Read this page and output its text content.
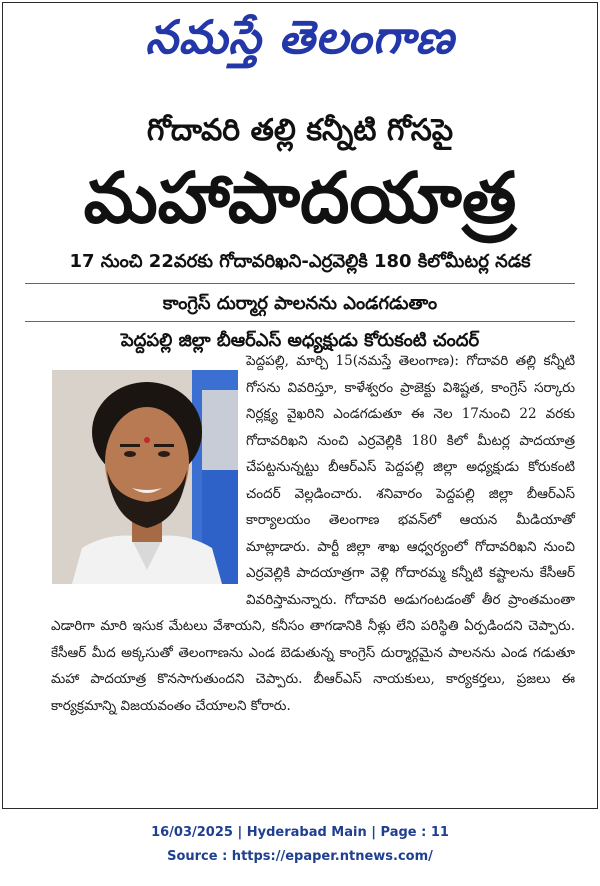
నమస్తే తెలంగాణ
గోదావరి తల్లి కన్నీటి గోసపై
మహాపాదయాత్ర
17 నుంచి 22వరకు గోదావరిఖని-ఎర్రవెల్లికి 180 కిలోమీటర్ల నడక
కాంగ్రెస్ దుర్మార్గ పాలనను ఎండగడుతాం
పెద్దపల్లి జిల్లా బీఆర్ఎస్ అధ్యక్షుడు కోరుకంటి చందర్
పెద్దపల్లి, మార్చి 15(నమస్తే తెలంగాణ): గోదావరి తల్లి కన్నీటి గోసను వివరిస్తూ, కాళేశ్వరం ప్రాజెక్టు విశిష్టత, కాంగ్రెస్ సర్కారు నిర్లక్ష్య వైఖరిని ఎండగడుతూ ఈ నెల 17నుంచి 22 వరకు గోదావరిఖని నుంచి ఎర్రవెల్లికి 180 కిలో మీటర్ల పాదయాత్ర చేపట్టనున్నట్టు బీఆర్ఎస్ పెద్దపల్లి జిల్లా అధ్యక్షుడు కోరుకంటి చందర్ వెల్లడించారు. శనివారం పెద్దపల్లి జిల్లా బీఆర్ఎస్ కార్యాలయం తెలంగాణ భవన్‌లో ఆయన మీడియాతో మాట్లాడారు. పార్టీ జిల్లా శాఖ ఆధ్వర్యంలో గోదావరిఖని నుంచి ఎర్రవెల్లికి పాదయాత్రగా వెళ్లి గోదారమ్మ కన్నీటి కష్టాలను కేసీఆర్ వివరిస్తామన్నారు. గోదావరి అడుగంటడంతో తీర ప్రాంతమంతా ఎడారిగా మారి ఇసుక మేటలు వేశాయని, కనీసం తాగడానికి నీళ్లు లేని పరిస్థితి ఏర్పడిందని చెప్పారు. కేసీఆర్ మీద అక్కసుతో తెలంగాణను ఎండ బెడుతున్న కాంగ్రెస్ దుర్మార్గమైన పాలనను ఎండ గడుతూ మహా పాదయాత్ర కొనసాగుతుందని చెప్పారు. బీఆర్ఎస్ నాయకులు, కార్యకర్తలు, ప్రజలు ఈ కార్యక్రమాన్ని విజయవంతం చేయాలని కోరారు.
16/03/2025 | Hyderabad Main | Page : 11
Source : https://epaper.ntnews.com/
